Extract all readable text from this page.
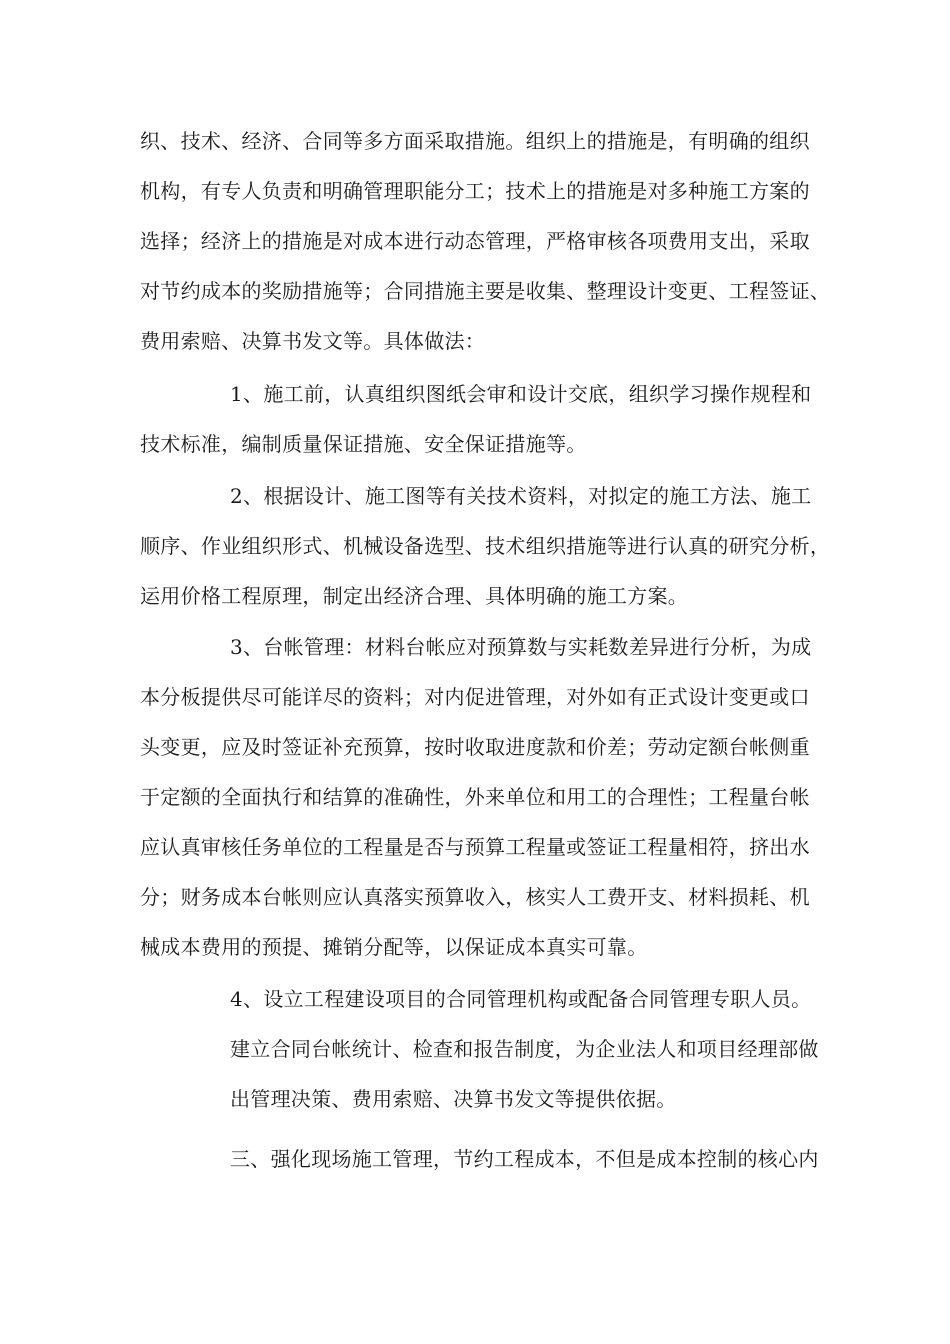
织、技术、经济、合同等多方面采取措施。组织上的措施是，有明确的组织
机构，有专人负责和明确管理职能分工；技术上的措施是对多种施工方案的
选择；经济上的措施是对成本进行动态管理，严格审核各项费用支出，采取
对节约成本的奖励措施等；合同措施主要是收集、整理设计变更、工程签证、
费用索赔、决算书发文等。具体做法：
1、施工前，认真组织图纸会审和设计交底，组织学习操作规程和
技术标准，编制质量保证措施、安全保证措施等。
2、根据设计、施工图等有关技术资料，对拟定的施工方法、施工
顺序、作业组织形式、机械设备选型、技术组织措施等进行认真的研究分析，
运用价格工程原理，制定出经济合理、具体明确的施工方案。
3、台帐管理：材料台帐应对预算数与实耗数差异进行分析，为成
本分板提供尽可能详尽的资料；对内促进管理，对外如有正式设计变更或口
头变更，应及时签证补充预算，按时收取进度款和价差；劳动定额台帐侧重
于定额的全面执行和结算的准确性，外来单位和用工的合理性；工程量台帐
应认真审核任务单位的工程量是否与预算工程量或签证工程量相符，挤出水
分；财务成本台帐则应认真落实预算收入，核实人工费开支、材料损耗、机
械成本费用的预提、摊销分配等，以保证成本真实可靠。
4、设立工程建设项目的合同管理机构或配备合同管理专职人员。
建立合同台帐统计、检查和报告制度，为企业法人和项目经理部做
出管理决策、费用索赔、决算书发文等提供依据。
三、强化现场施工管理，节约工程成本，不但是成本控制的核心内
